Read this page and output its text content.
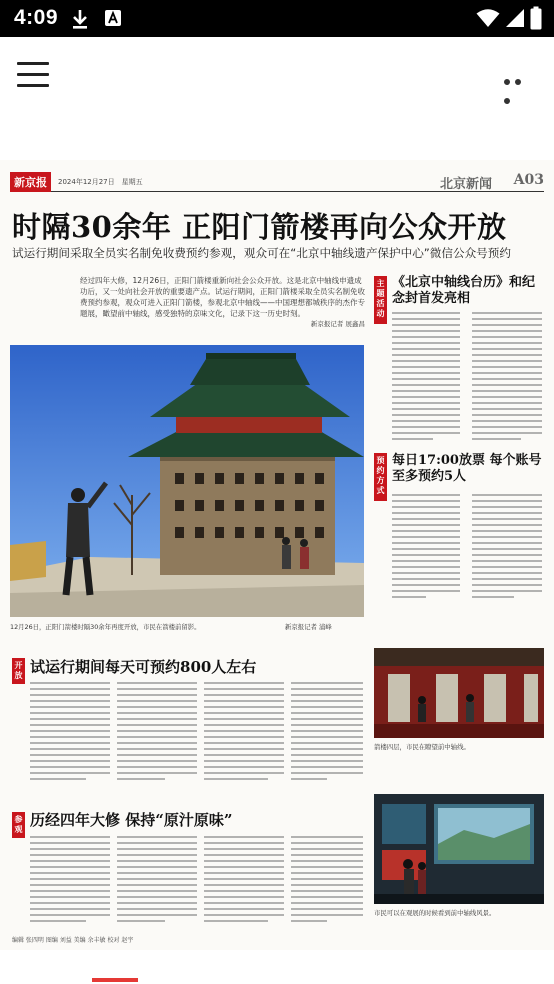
4:09
新京报	2024年12月27日　星期五	北京新闻 A03
时隔30余年 正阳门箭楼再向公众开放
试运行期间采取全员实名制免收费预约参观，观众可在“北京中轴线遗产保护中心”微信公众号预约
经过四年大修，12月26日，正阳门箭楼重新向社会公众开放。这是北京中轴线申遗成功后，又一处向社会开放的重要遗产点。试运行期间，正阳门箭楼采取全员实名制免收费预约参观，观众可进入正阳门箭楼，参观北京中轴线——中国理想都城秩序的杰作专题展，瞰望前中轴线，感受独特的京味文化，记录下这一历史时刻。
新京报记者 展鑫昌
12月26日，正阳门箭楼时隔30余年再度开放，市民在箭楼前留影。	新京报记者 浦峰
主题活动
《北京中轴线台历》和纪念封首发亮相
预约方式
每日17:00放票 每个账号至多预约5人
开放 试运行期间每天可预约800人左右
参观
历经四年大修 保持“原汁原味”
箭楼四层，市民在瞭望前中轴线。
市民可以在观展的时候看到前中轴线风景。
编辑 张四明 图编 刘益 美编 余丰敏 校对 赵宇
